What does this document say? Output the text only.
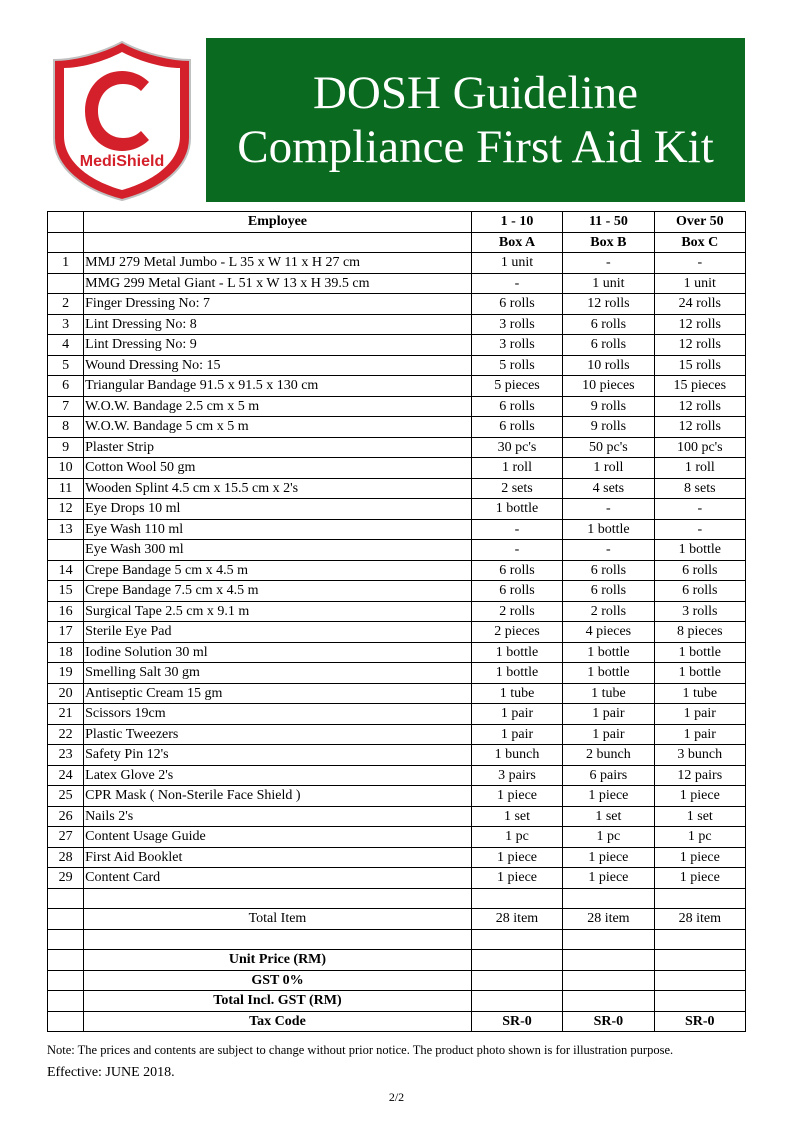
MediShield
DOSH Guideline
Compliance First Aid Kit
	Employee	1 - 10	11 - 50	Over 50
		Box A	Box B	Box C
1	MMJ 279 Metal Jumbo - L 35 x W 11 x H 27 cm	1 unit	-	-
	MMG 299 Metal Giant - L 51 x W 13 x H 39.5 cm	-	1 unit	1 unit
2	Finger Dressing No: 7	6 rolls	12 rolls	24 rolls
3	Lint Dressing No: 8	3 rolls	6 rolls	12 rolls
4	Lint Dressing No: 9	3 rolls	6 rolls	12 rolls
5	Wound Dressing No: 15	5 rolls	10 rolls	15 rolls
6	Triangular Bandage 91.5 x 91.5 x 130 cm	5 pieces	10 pieces	15 pieces
7	W.O.W. Bandage 2.5 cm x 5 m	6 rolls	9 rolls	12 rolls
8	W.O.W. Bandage 5 cm x 5 m	6 rolls	9 rolls	12 rolls
9	Plaster Strip	30 pc's	50 pc's	100 pc's
10	Cotton Wool 50 gm	1 roll	1 roll	1 roll
11	Wooden Splint 4.5 cm x 15.5 cm x 2's	2 sets	4 sets	8 sets
12	Eye Drops 10 ml	1 bottle	-	-
13	Eye Wash 110 ml	-	1 bottle	-
	Eye Wash 300 ml	-	-	1 bottle
14	Crepe Bandage 5 cm x 4.5 m	6 rolls	6 rolls	6 rolls
15	Crepe Bandage 7.5 cm x 4.5 m	6 rolls	6 rolls	6 rolls
16	Surgical Tape 2.5 cm x 9.1 m	2 rolls	2 rolls	3 rolls
17	Sterile Eye Pad	2 pieces	4 pieces	8 pieces
18	Iodine Solution 30 ml	1 bottle	1 bottle	1 bottle
19	Smelling Salt 30 gm	1 bottle	1 bottle	1 bottle
20	Antiseptic Cream 15 gm	1 tube	1 tube	1 tube
21	Scissors 19cm	1 pair	1 pair	1 pair
22	Plastic Tweezers	1 pair	1 pair	1 pair
23	Safety Pin 12's	1 bunch	2 bunch	3 bunch
24	Latex Glove 2's	3 pairs	6 pairs	12 pairs
25	CPR Mask ( Non-Sterile Face Shield )	1 piece	1 piece	1 piece
26	Nails 2's	1 set	1 set	1 set
27	Content Usage Guide	1 pc	1 pc	1 pc
28	First Aid Booklet	1 piece	1 piece	1 piece
29	Content Card	1 piece	1 piece	1 piece

	Total Item	28 item	28 item	28 item

	Unit Price (RM)			
	GST 0%			
	Total Incl. GST (RM)			
	Tax Code	SR-0	SR-0	SR-0
Note: The prices and contents are subject to change without prior notice. The product photo shown is for illustration purpose.
Effective: JUNE 2018.
2/2
